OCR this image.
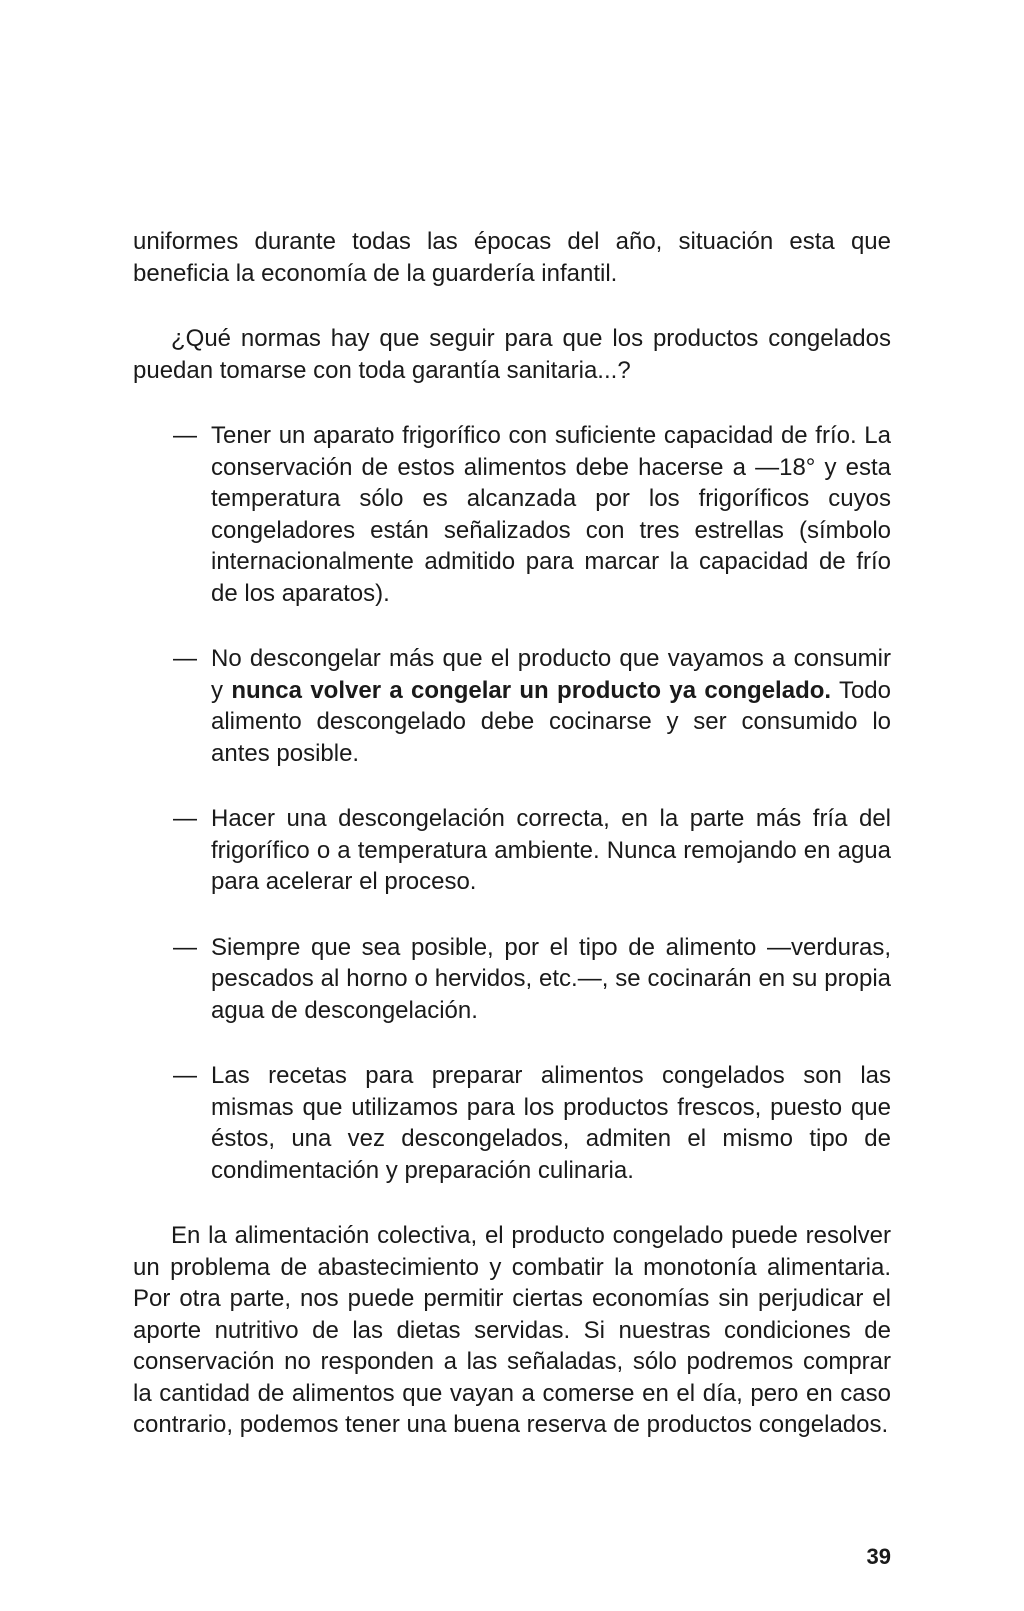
uniformes durante todas las épocas del año, situación esta que beneficia la economía de la guardería infantil.

¿Qué normas hay que seguir para que los productos congelados puedan tomarse con toda garantía sanitaria...?

— Tener un aparato frigorífico con suficiente capacidad de frío. La conservación de estos alimentos debe hacerse a —18° y esta temperatura sólo es alcanzada por los frigoríficos cuyos congeladores están señalizados con tres estrellas (símbolo internacionalmente admitido para marcar la capacidad de frío de los aparatos).

— No descongelar más que el producto que vayamos a consumir y nunca volver a congelar un producto ya congelado. Todo alimento descongelado debe cocinarse y ser consumido lo antes posible.

— Hacer una descongelación correcta, en la parte más fría del frigorífico o a temperatura ambiente. Nunca remojando en agua para acelerar el proceso.

— Siempre que sea posible, por el tipo de alimento —verduras, pescados al horno o hervidos, etc.—, se cocinarán en su propia agua de descongelación.

— Las recetas para preparar alimentos congelados son las mismas que utilizamos para los productos frescos, puesto que éstos, una vez descongelados, admiten el mismo tipo de condimentación y preparación culinaria.

En la alimentación colectiva, el producto congelado puede resolver un problema de abastecimiento y combatir la monotonía alimentaria. Por otra parte, nos puede permitir ciertas economías sin perjudicar el aporte nutritivo de las dietas servidas. Si nuestras condiciones de conservación no responden a las señaladas, sólo podremos comprar la cantidad de alimentos que vayan a comerse en el día, pero en caso contrario, podemos tener una buena reserva de productos congelados.

39
